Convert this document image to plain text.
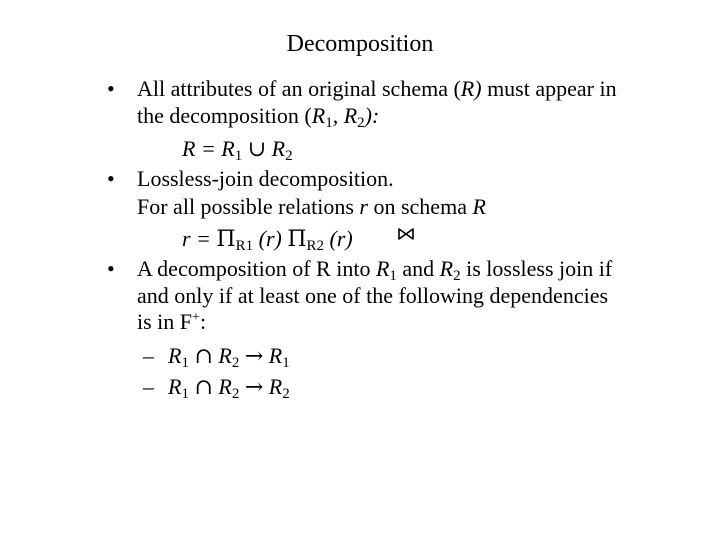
Decomposition
• All attributes of an original schema (R) must appear in
the decomposition ($R_1$, $R_2$):
$R = R_1$ ∪ $R_2$
• Lossless-join decomposition.
For all possible relations r on schema R
r = ΠR1 (r) ΠR2 (r)
• A decomposition of R into $R_1$ and $R_2$ is lossless join if
and only if at least one of the following dependencies
is in F+:
– $R_1$ ∩ $R_2 \to R_1$
– $R_1$ ∩ $R_2 \to R_2$
